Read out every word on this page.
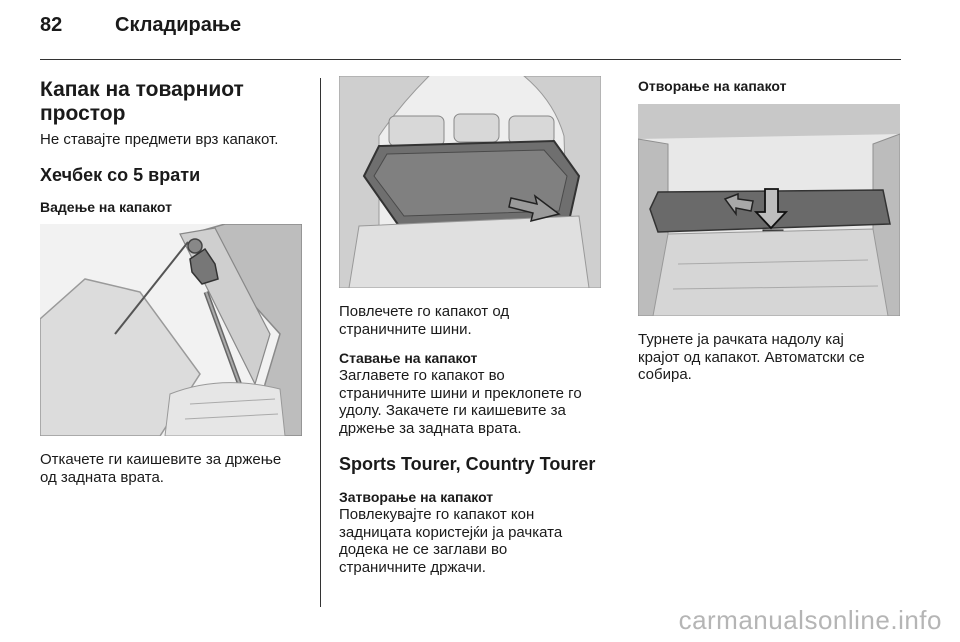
82	Складирање
Капак на товарниот простор

Не ставајте предмети врз капакот.

Хечбек со 5 врати
Вадење на капакот

Откачете ги каишевите за држење

од задната врата.

Повлечете го капакот од

страничните шини.

Ставање на капакот

Заглавете го капакот во

страничните шини и преклопете го

удолу. Закачете ги каишевите за

држење за задната врата.

Sports Tourer, Country Tourer
Затворање на капакот

Повлекувајте го капакот кон

задницата користејќи ја рачката

додека не се заглави во

страничните држачи.

Отворање на капакот

Турнете ја рачката надолу кај

крајот од капакот. Автоматски се

собира.

carmanualsonline.info
